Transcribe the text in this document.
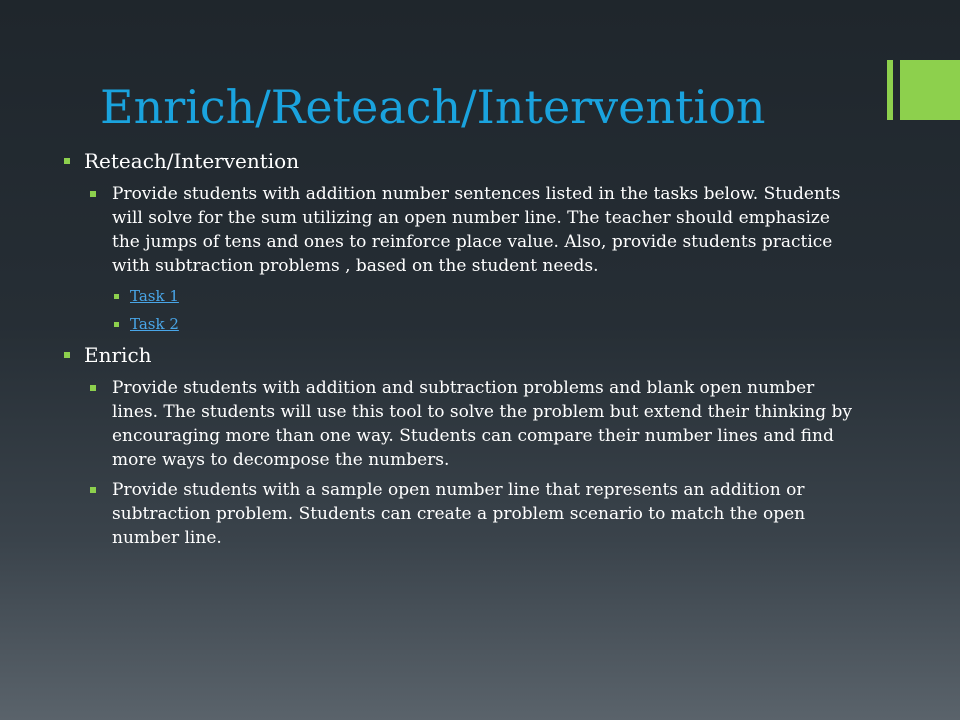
Enrich/Reteach/Intervention
Reteach/Intervention
Provide students with addition number sentences listed in the tasks below. Students will solve for the sum utilizing an open number line. The teacher should emphasize the jumps of tens and ones to reinforce place value. Also, provide students practice with subtraction problems , based on the student needs.
Task 1
Task 2
Enrich
Provide students with addition and subtraction problems and blank open number lines. The students will use this tool to solve the problem but extend their thinking by encouraging more than one way. Students can compare their number lines and find more ways to decompose the numbers.
Provide students with a sample open number line that represents an addition or subtraction problem. Students can create a problem scenario to match the open number line.
